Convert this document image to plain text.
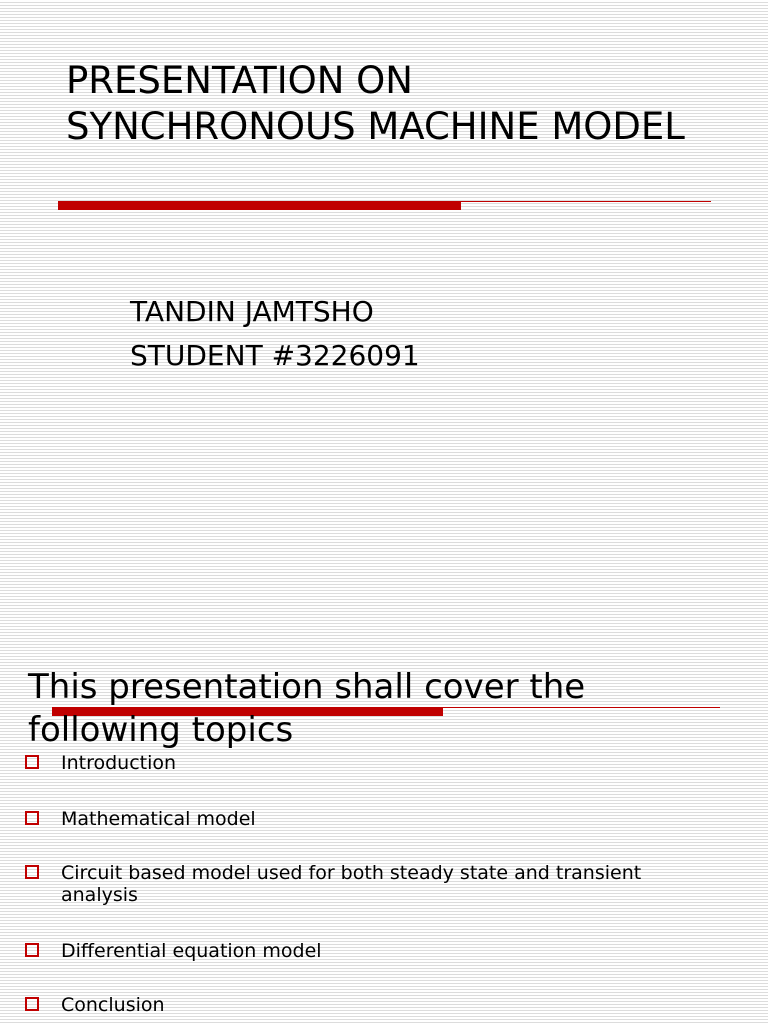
PRESENTATION ON SYNCHRONOUS MACHINE MODEL
TANDIN JAMTSHO
STUDENT #3226091
This presentation shall cover the following topics
Introduction
Mathematical model
Circuit based model used for both steady state and transient analysis
Differential equation model
Conclusion
